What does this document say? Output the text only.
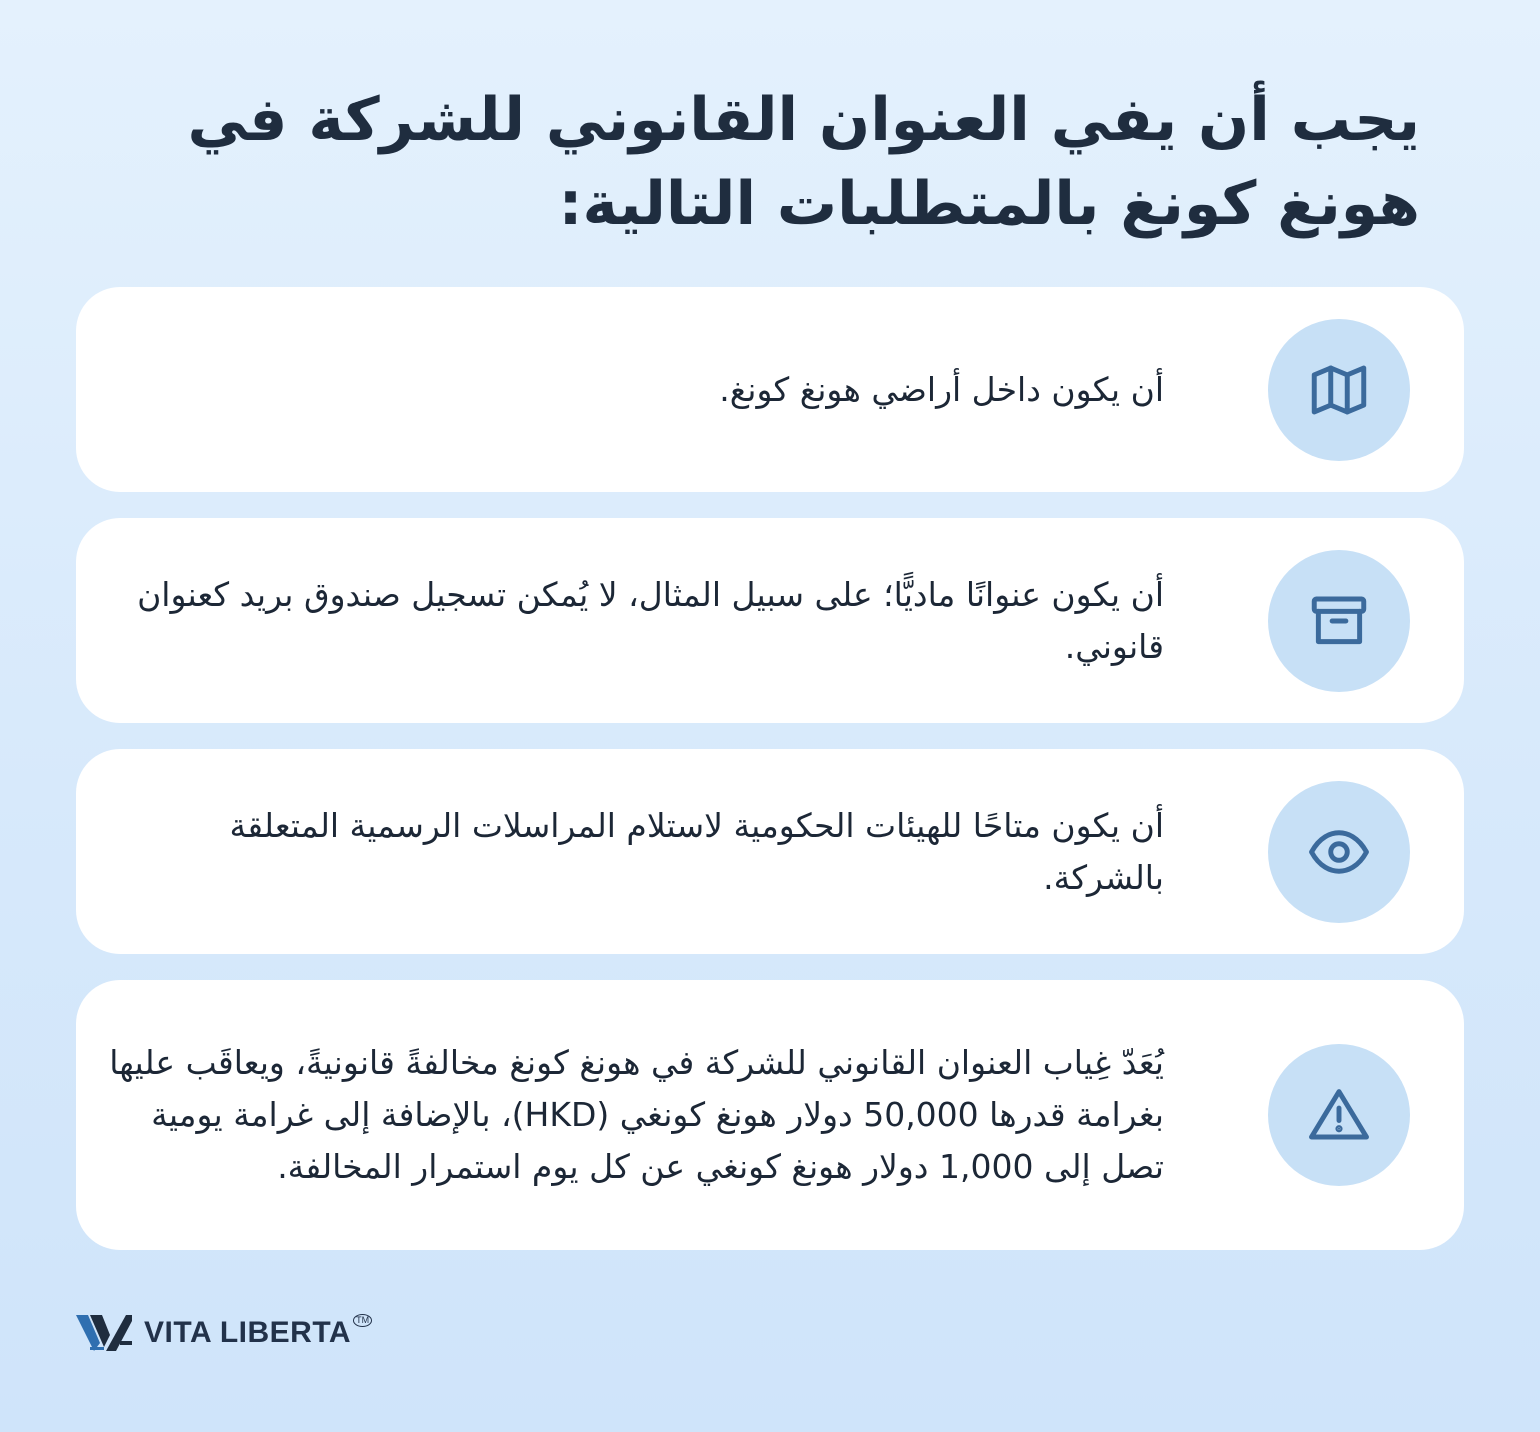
يجب أن يفي العنوان القانوني للشركة في هونغ كونغ بالمتطلبات التالية:

أن يكون داخل أراضي هونغ كونغ.

أن يكون عنوانًا ماديًّا؛ على سبيل المثال، لا يُمكن تسجيل صندوق بريد كعنوان قانوني.

أن يكون متاحًا للهيئات الحكومية لاستلام المراسلات الرسمية المتعلقة بالشركة.

يُعَدّ غِياب العنوان القانوني للشركة في هونغ كونغ مخالفةً قانونيةً، ويعاقَب عليها بغرامة قدرها 50,000 دولار هونغ كونغي (HKD)، بالإضافة إلى غرامة يومية تصل إلى 1,000 دولار هونغ كونغي عن كل يوم استمرار المخالفة.

VITA LIBERTA TM
